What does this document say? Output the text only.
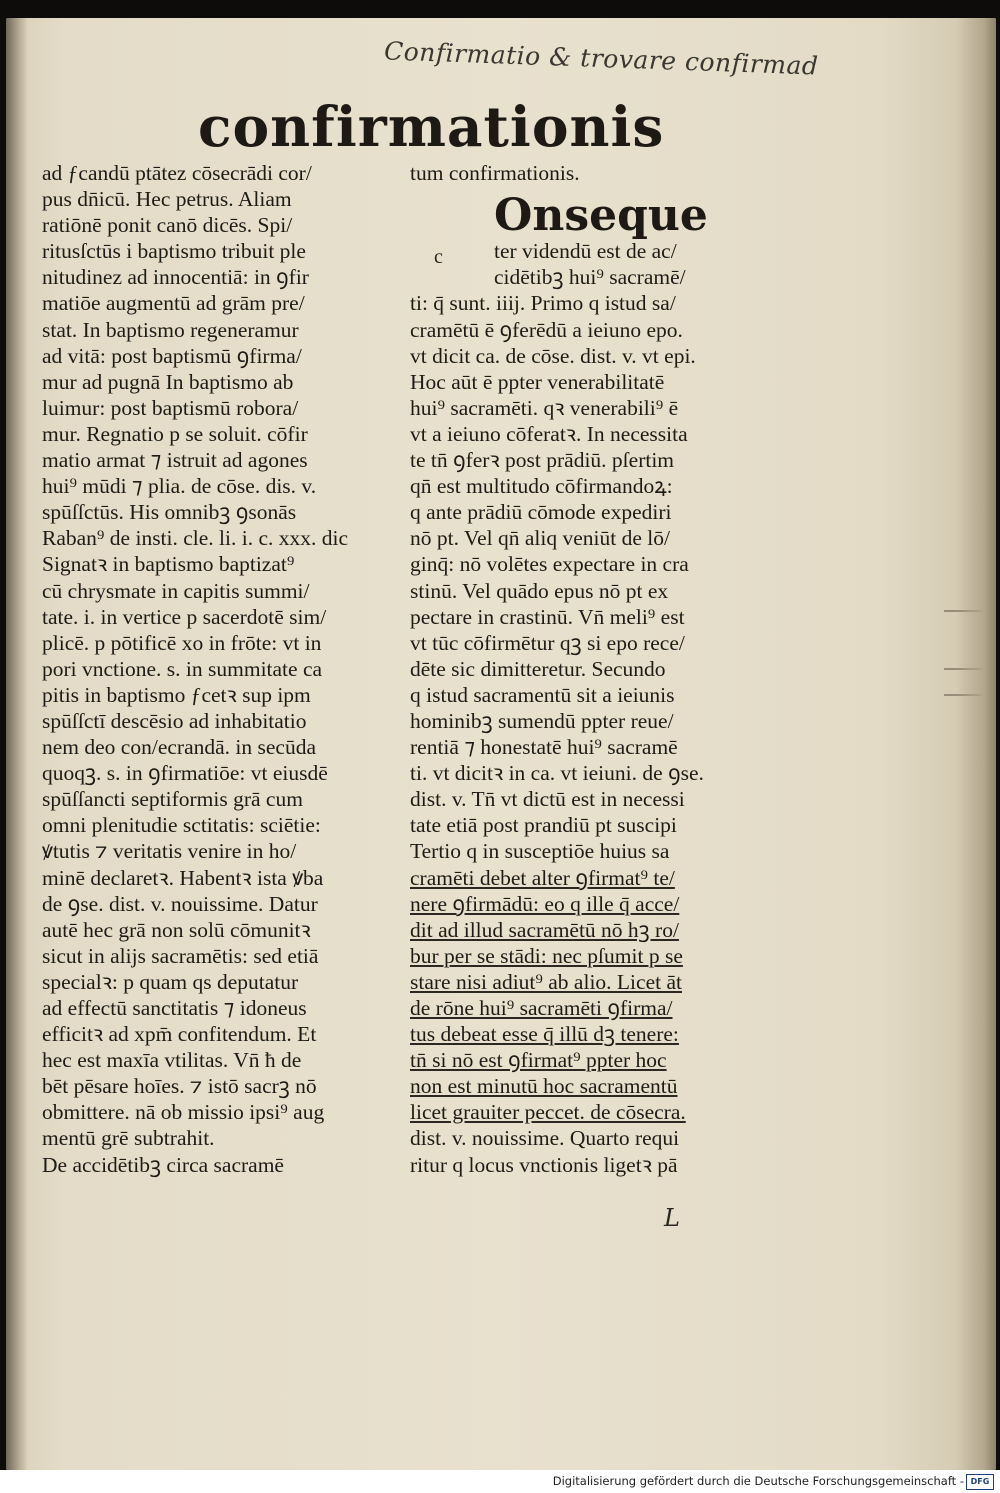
Confirmatio & trovare confirmad
confirmationis
ad ƒcandū ptātez cōsecrādi cor/
pus dn̄icū. Hec petrus. Aliam
ratiōnē ponit canō dicēs. Spi/
ritusſctūs i baptismo tribuit ple
nitudinez ad innocentiā: in ꝯfir
matiōe augmentū ad grām pre/
stat. In baptismo regeneramur
ad vitā: post baptismū ꝯfirma/
mur ad pugnā In baptismo ab
luimur: post baptismū robora/
mur. Regnatio p se soluit. cōfir
matio armat ⁊ istruit ad agones
hui⁹ mūdi ⁊ plia. de cōse. dis. v.
spūſſctūs. His omnibꝫ ꝯsonās
Raban⁹ de insti. cle. li. i. c. xxx. dic
Signatꝛ in baptismo baptizat⁹
cū chrysmate in capitis summi/
tate. i. in vertice p sacerdotē sim/
plicē. p pōtificē xo in frōte: vt in
pori vnctione. s. in summitate ca
pitis in baptismo ƒcetꝛ sup ipm
spūſſctī descēsio ad inhabitatio
nem deo con/ecrandā. in secūda
quoqꝫ. s. in ꝯfirmatiōe: vt eiusdē
spūſſancti septiformis grā cum
omni plenitudie sctitatis: sciētie:
ꝟtutis ⁊ veritatis venire in ho/
minē declaretꝛ. Habentꝛ ista ꝟba
de ꝯse. dist. v. nouissime. Datur
autē hec grā non solū cōmunitꝛ
sicut in alijs sacramētis: sed etiā
specialꝛ: p quam qs deputatur
ad effectū sanctitatis ⁊ idoneus
efficitꝛ ad xpm̄ confitendum. Et
hec est maxīa vtilitas. Vn̄ ħ de
bēt pēsare hoīes. ⁊ istō sacrꝫ nō
obmittere. nā ob missio ipsi⁹ aug
mentū grē subtrahit.
De accidētibꝫ circa sacramē
tum confirmationis.
ter videndū est de ac/
cidētibꝫ hui⁹ sacramē/
ti: q̄ sunt. iiij. Primo q istud sa/
cramētū ē ꝯferēdū a ieiuno epo.
vt dicit ca. de cōse. dist. v. vt epi.
Hoc aūt ē ppter venerabilitatē
hui⁹ sacramēti. qꝛ venerabili⁹ ē
vt a ieiuno cōferatꝛ. In necessita
te tn̄ ꝯferꝛ post prādiū. pſertim
qn̄ est multitudo cōfirmandoꝝ:
q ante prādiū cōmode expediri
nō pt. Vel qn̄ aliq veniūt de lō/
ginq̄: nō volētes expectare in cra
stinū. Vel quādo epus nō pt ex
pectare in crastinū. Vn̄ meli⁹ est
vt tūc cōfirmētur qꝫ si epo rece/
dēte sic dimitteretur. Secundo
q istud sacramentū sit a ieiunis
hominibꝫ sumendū ppter reue/
rentiā ⁊ honestatē hui⁹ sacramē
ti. vt dicitꝛ in ca. vt ieiuni. de ꝯse.
dist. v. Tn̄ vt dictū est in necessi
tate etiā post prandiū pt suscipi
Tertio q in susceptiōe huius sa
cramēti debet alter ꝯfirmat⁹ te/
nere ꝯfirmādū: eo q ille q̄ acce/
dit ad illud sacramētū nō hꝫ ro/
bur per se stādi: nec pſumit p se
stare nisi adiut⁹ ab alio. Licet āt
de rōne hui⁹ sacramēti ꝯfirma/
tus debeat esse q̄ illū dꝫ tenere:
tn̄ si nō est ꝯfirmat⁹ ppter hoc
non est minutū hoc sacramentū
licet grauiter peccet. de cōsecra.
dist. v. nouissime. Quarto requi
ritur q locus vnctionis ligetꝛ pā
Onseque
c
L
Digitalisierung gefördert durch die Deutsche Forschungsgemeinschaft - DFG
